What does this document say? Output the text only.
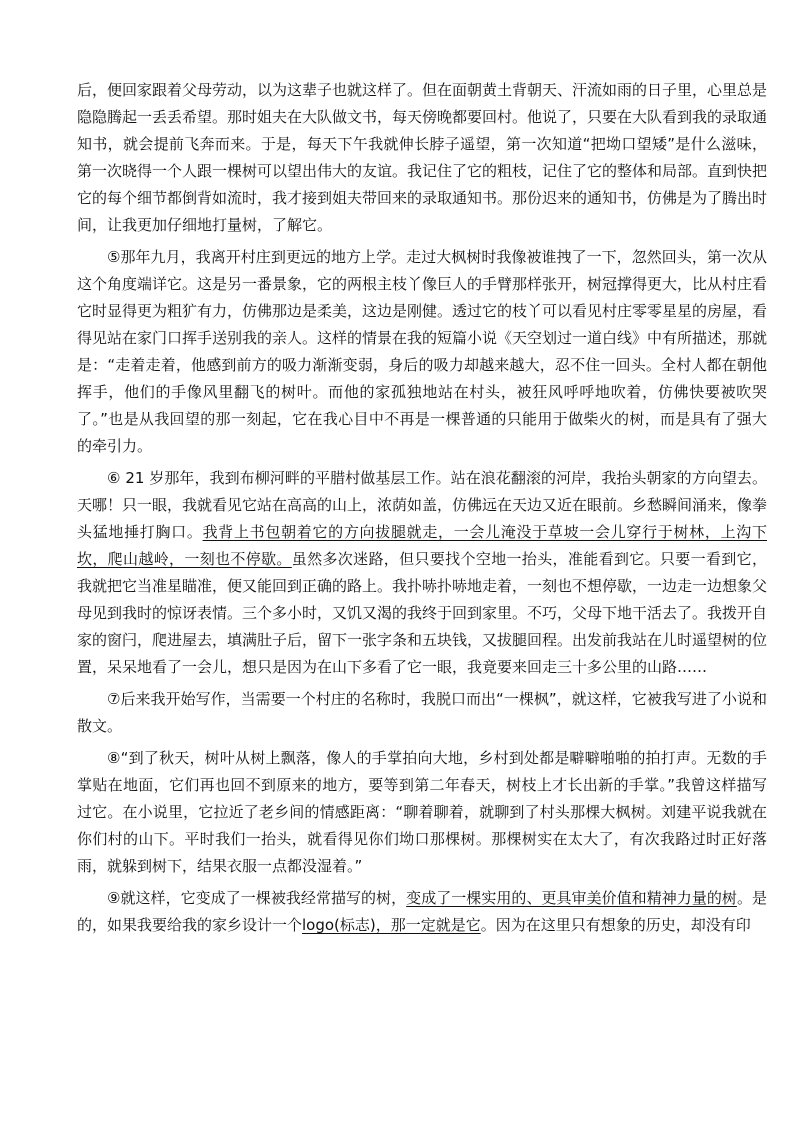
后，便回家跟着父母劳动，以为这辈子也就这样了。但在面朝黄土背朝天、汗流如雨的日子里，心里总是隐隐腾起一丢丢希望。那时姐夫在大队做文书，每天傍晚都要回村。他说了，只要在大队看到我的录取通知书，就会提前飞奔而来。于是，每天下午我就伸长脖子遥望，第一次知道“把坳口望矮”是什么滋味，第一次晓得一个人跟一棵树可以望出伟大的友谊。我记住了它的粗枝，记住了它的整体和局部。直到快把它的每个细节都倒背如流时，我才接到姐夫带回来的录取通知书。那份迟来的通知书，仿佛是为了腾出时间，让我更加仔细地打量树，了解它。

⑤那年九月，我离开村庄到更远的地方上学。走过大枫树时我像被谁拽了一下，忽然回头，第一次从这个角度端详它。这是另一番景象，它的两根主枝丫像巨人的手臂那样张开，树冠撑得更大，比从村庄看它时显得更为粗犷有力，仿佛那边是柔美，这边是刚健。透过它的枝丫可以看见村庄零零星星的房屋，看得见站在家门口挥手送别我的亲人。这样的情景在我的短篇小说《天空划过一道白线》中有所描述，那就是：“走着走着，他感到前方的吸力渐渐变弱，身后的吸力却越来越大，忍不住一回头。全村人都在朝他挥手，他们的手像风里翻飞的树叶。而他的家孤独地站在村头，被狂风呼呼地吹着，仿佛快要被吹哭了。”也是从我回望的那一刻起，它在我心目中不再是一棵普通的只能用于做柴火的树，而是具有了强大的牵引力。

⑥ 21 岁那年，我到布柳河畔的平腊村做基层工作。站在浪花翻滚的河岸，我抬头朝家的方向望去。天哪！只一眼，我就看见它站在高高的山上，浓荫如盖，仿佛远在天边又近在眼前。乡愁瞬间涌来，像拳头猛地捶打胸口。我背上书包朝着它的方向拔腿就走，一会儿淹没于草坡一会儿穿行于树林，上沟下坎，爬山越岭，一刻也不停歇。虽然多次迷路，但只要找个空地一抬头，准能看到它。只要一看到它，我就把它当准星瞄准，便又能回到正确的路上。我扑哧扑哧地走着，一刻也不想停歇，一边走一边想象父母见到我时的惊讶表情。三个多小时，又饥又渴的我终于回到家里。不巧，父母下地干活去了。我拨开自家的窗闩，爬进屋去，填满肚子后，留下一张字条和五块钱，又拔腿回程。出发前我站在儿时遥望树的位置，呆呆地看了一会儿，想只是因为在山下多看了它一眼，我竟要来回走三十多公里的山路……

⑦后来我开始写作，当需要一个村庄的名称时，我脱口而出“一棵枫”，就这样，它被我写进了小说和散文。

⑧“到了秋天，树叶从树上飘落，像人的手掌拍向大地，乡村到处都是噼噼啪啪的拍打声。无数的手掌贴在地面，它们再也回不到原来的地方，要等到第二年春天，树枝上才长出新的手掌。”我曾这样描写过它。在小说里，它拉近了老乡间的情感距离：“聊着聊着，就聊到了村头那棵大枫树。刘建平说我就在你们村的山下。平时我们一抬头，就看得见你们坳口那棵树。那棵树实在太大了，有次我路过时正好落雨，就躲到树下，结果衣服一点都没湿着。”

⑨就这样，它变成了一棵被我经常描写的树，变成了一棵实用的、更具审美价值和精神力量的树。是的，如果我要给我的家乡设计一个logo(标志)，那一定就是它。因为在这里只有想象的历史，却没有印
